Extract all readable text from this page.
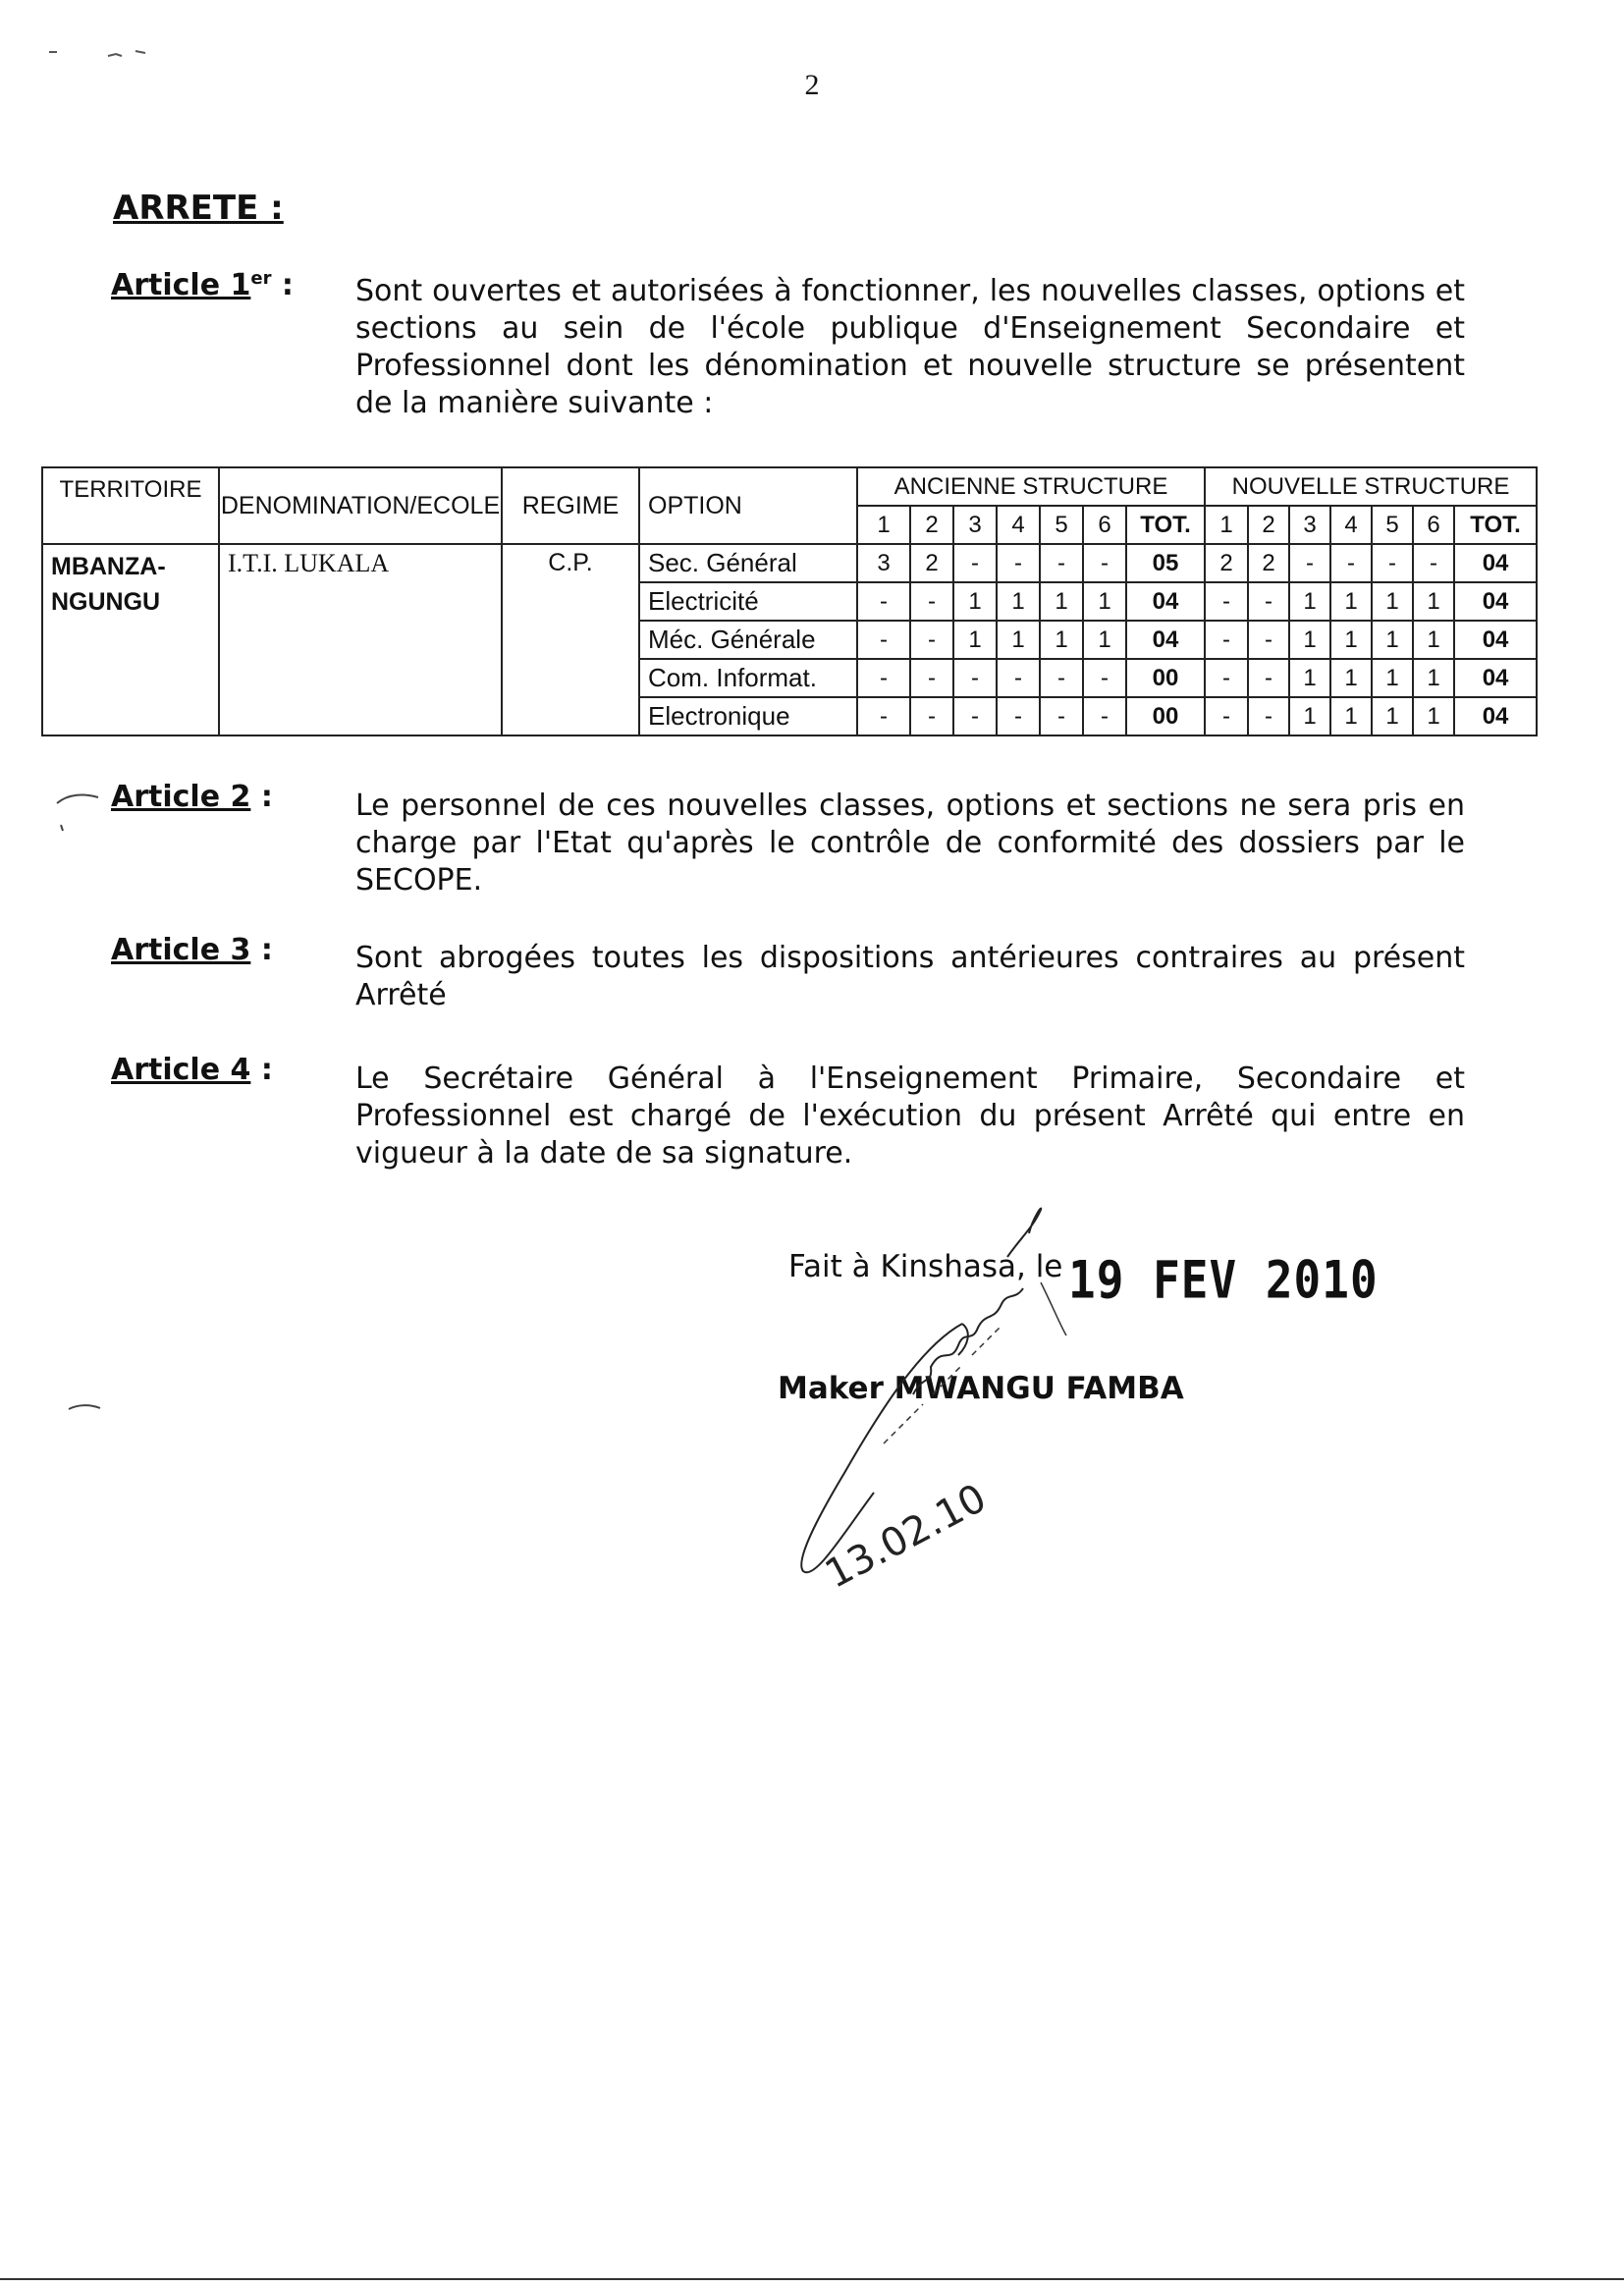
2
ARRETE :
Article 1er : Sont ouvertes et autorisées à fonctionner, les nouvelles classes, options et sections au sein de l'école publique d'Enseignement Secondaire et Professionnel dont les dénomination et nouvelle structure se présentent de la manière suivante :
TERRITOIRE	DENOMINATION/ECOLE	REGIME	OPTION	ANCIENNE STRUCTURE							NOUVELLE STRUCTURE						
				1	2	3	4	5	6	TOT.	1	2	3	4	5	6	TOT.
MBANZA-NGUNGU	I.T.I. LUKALA	C.P.	Sec. Général	3	2	-	-	-	-	05	2	2	-	-	-	-	04
			Electricité	-	-	1	1	1	1	04	-	-	1	1	1	1	04
			Méc. Générale	-	-	1	1	1	1	04	-	-	1	1	1	1	04
			Com. Informat.	-	-	-	-	-	-	00	-	-	1	1	1	1	04
			Electronique	-	-	-	-	-	-	00	-	-	1	1	1	1	04
Article 2 :	Le personnel de ces nouvelles classes, options et sections ne sera pris en charge par l'Etat qu'après le contrôle de conformité des dossiers par le SECOPE.
Article 3 :	Sont abrogées toutes les dispositions antérieures contraires au présent Arrêté
Article 4 :	Le Secrétaire Général à l'Enseignement Primaire, Secondaire et Professionnel est chargé de l'exécution du présent Arrêté qui entre en vigueur à la date de sa signature.
Fait à Kinshasa, le 19 FEV 2010
Maker MWANGU FAMBA
13.02.10
